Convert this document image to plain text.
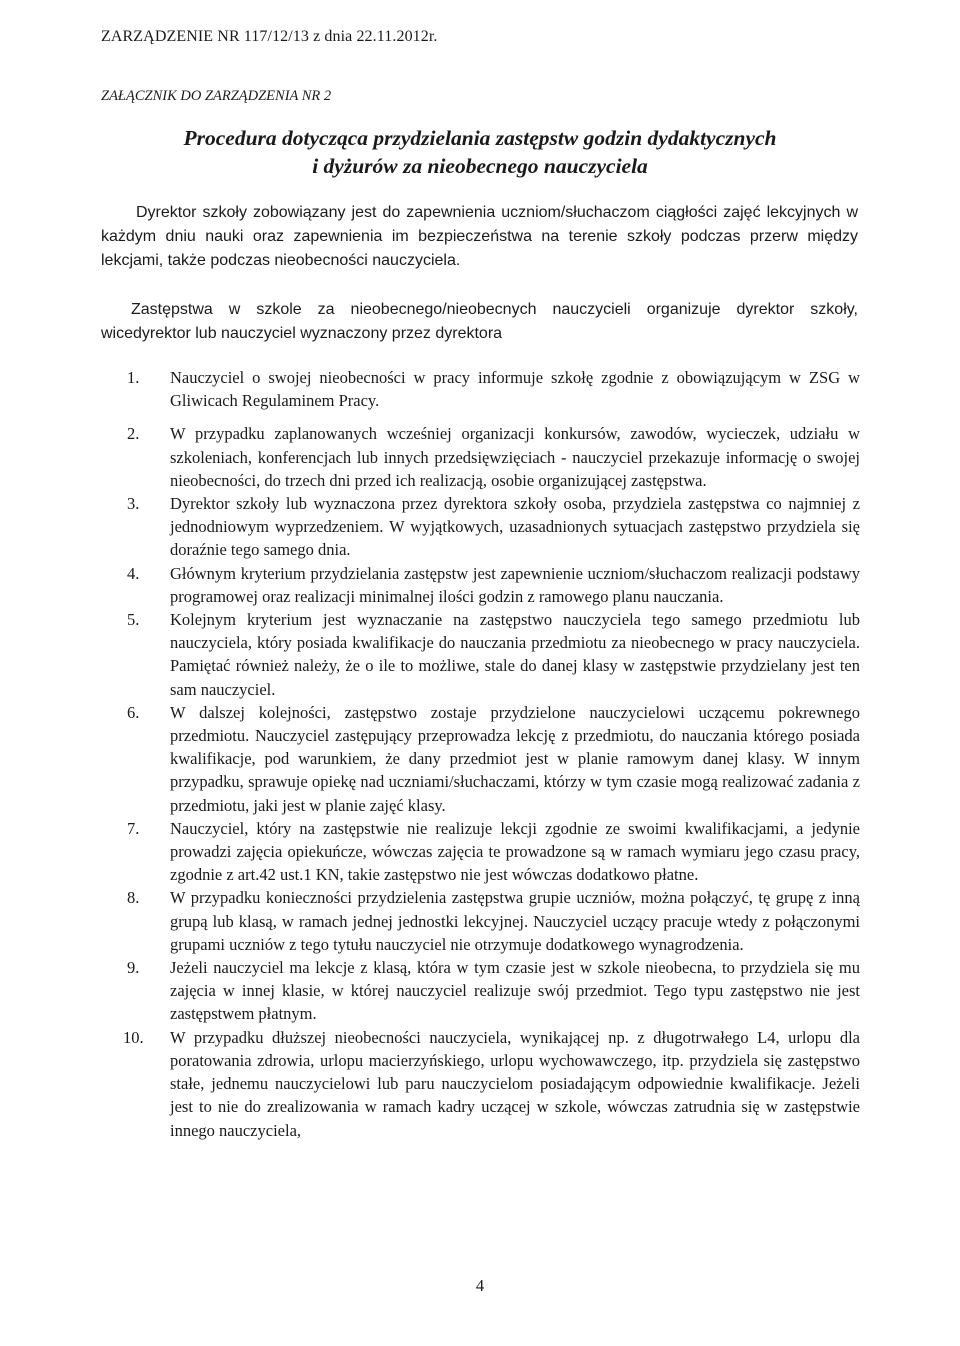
ZARZĄDZENIE NR 117/12/13 z dnia 22.11.2012r.
ZAŁĄCZNIK DO ZARZĄDZENIA NR 2
Procedura dotycząca przydzielania zastępstw godzin dydaktycznych
i dyżurów za nieobecnego nauczyciela
Dyrektor szkoły zobowiązany jest do zapewnienia uczniom/słuchaczom ciągłości zajęć lekcyjnych w każdym dniu nauki oraz zapewnienia im bezpieczeństwa na terenie szkoły podczas przerw między lekcjami, także podczas nieobecności nauczyciela.
Zastępstwa w szkole za nieobecnego/nieobecnych nauczycieli organizuje dyrektor szkoły, wicedyrektor lub nauczyciel wyznaczony przez dyrektora
1. Nauczyciel o swojej nieobecności w pracy informuje szkołę zgodnie z obowiązującym w ZSG w Gliwicach Regulaminem Pracy.
2. W przypadku zaplanowanych wcześniej organizacji konkursów, zawodów, wycieczek, udziału w szkoleniach, konferencjach lub innych przedsięwzięciach - nauczyciel przekazuje informację o swojej nieobecności, do trzech dni przed ich realizacją, osobie organizującej zastępstwa.
3. Dyrektor szkoły lub wyznaczona przez dyrektora szkoły osoba, przydziela zastępstwa co najmniej z jednodniowym wyprzedzeniem. W wyjątkowych, uzasadnionych sytuacjach zastępstwo przydziela się doraźnie tego samego dnia.
4. Głównym kryterium przydzielania zastępstw jest zapewnienie uczniom/słuchaczom realizacji podstawy programowej oraz realizacji minimalnej ilości godzin z ramowego planu nauczania.
5. Kolejnym kryterium jest wyznaczanie na zastępstwo nauczyciela tego samego przedmiotu lub nauczyciela, który posiada kwalifikacje do nauczania przedmiotu za nieobecnego w pracy nauczyciela. Pamiętać również należy, że o ile to możliwe, stale do danej klasy w zastępstwie przydzielany jest ten sam nauczyciel.
6. W dalszej kolejności, zastępstwo zostaje przydzielone nauczycielowi uczącemu pokrewnego przedmiotu. Nauczyciel zastępujący przeprowadza lekcję z przedmiotu, do nauczania którego posiada kwalifikacje, pod warunkiem, że dany przedmiot jest w planie ramowym danej klasy. W innym przypadku, sprawuje opiekę nad uczniami/słuchaczami, którzy w tym czasie mogą realizować zadania z przedmiotu, jaki jest w planie zajęć klasy.
7. Nauczyciel, który na zastępstwie nie realizuje lekcji zgodnie ze swoimi kwalifikacjami, a jedynie prowadzi zajęcia opiekuńcze, wówczas zajęcia te prowadzone są w ramach wymiaru jego czasu pracy, zgodnie z art.42 ust.1 KN, takie zastępstwo nie jest wówczas dodatkowo płatne.
8. W przypadku konieczności przydzielenia zastępstwa grupie uczniów, można połączyć, tę grupę z inną grupą lub klasą, w ramach jednej jednostki lekcyjnej. Nauczyciel uczący pracuje wtedy z połączonymi grupami uczniów z tego tytułu nauczyciel nie otrzymuje dodatkowego wynagrodzenia.
9. Jeżeli nauczyciel ma lekcje z klasą, która w tym czasie jest w szkole nieobecna, to przydziela się mu zajęcia w innej klasie, w której nauczyciel realizuje swój przedmiot. Tego typu zastępstwo nie jest zastępstwem płatnym.
10. W przypadku dłuższej nieobecności nauczyciela, wynikającej np. z długotrwałego L4, urlopu dla poratowania zdrowia, urlopu macierzyńskiego, urlopu wychowawczego, itp. przydziela się zastępstwo stałe, jednemu nauczycielowi lub paru nauczycielom posiadającym odpowiednie kwalifikacje. Jeżeli jest to nie do zrealizowania w ramach kadry uczącej w szkole, wówczas zatrudnia się w zastępstwie innego nauczyciela,
4
